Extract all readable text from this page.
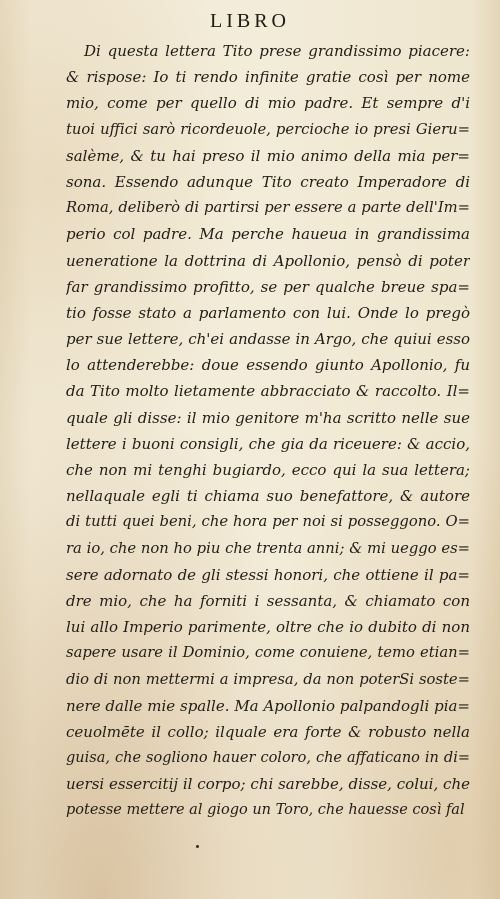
LIBRO
Di questa lettera Tito prese grandissimo piacere:
& rispose: Io ti rendo infinite gratie così per nome
mio, come per quello di mio padre. Et sempre d'i
tuoi uffici sarò ricordeuole, percioche io presi Gieru=
salème, & tu hai preso il mio animo della mia per=
sona. Essendo adunque Tito creato Imperadore di
Roma, deliberò di partirsi per essere a parte dell'Im=
perio col padre. Ma perche haueua in grandissima
ueneratione la dottrina di Apollonio, pensò di poter
far grandissimo profitto, se per qualche breue spa=
tio fosse stato a parlamento con lui. Onde lo pregò
per sue lettere, ch'ei andasse in Argo, che quiui esso
lo attenderebbe: doue essendo giunto Apollonio, fu
da Tito molto lietamente abbracciato & raccolto. Il=
quale gli disse: il mio genitore m'ha scritto nelle sue
lettere i buoni consigli, che gia da riceuere: & accio,
che non mi tenghi bugiardo, ecco qui la sua lettera;
nellaquale egli ti chiama suo benefattore, & autore
di tutti quei beni, che hora per noi si posseggono. O=
ra io, che non ho piu che trenta anni; & mi ueggo es=
sere adornato de gli stessi honori, che ottiene il pa=
dre mio, che ha forniti i sessanta, & chiamato con
lui allo Imperio parimente, oltre che io dubito di non
sapere usare il Dominio, come conuiene, temo etian=
dio di non mettermi a impresa, da non poterSi soste=
nere dalle mie spalle. Ma Apollonio palpandogli pia=
ceuolmēte il collo; ilquale era forte & robusto nella
guisa, che sogliono hauer coloro, che affaticano in di=
uersi essercitij il corpo; chi sarebbe, disse, colui, che
potesse mettere al giogo un Toro, che hauesse così fal
